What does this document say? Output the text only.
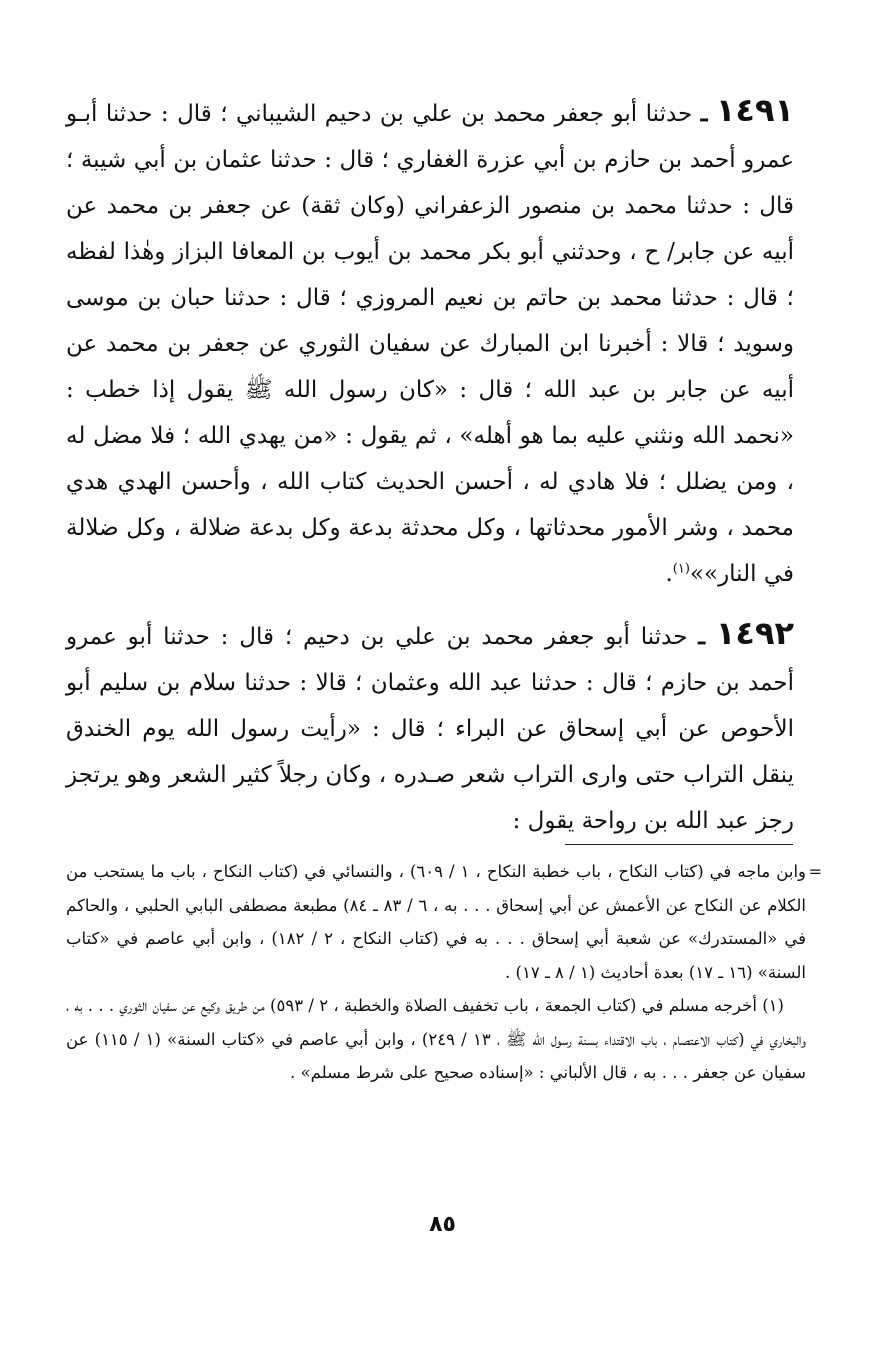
١٤٩١ ـ حدثنا أبو جعفر محمد بن علي بن دحيم الشيباني ؛ قال : حدثنا أبـو عمرو أحمد بن حازم بن أبي عزرة الغفاري ؛ قال : حدثنا عثمان بن أبي شيبة ؛ قال : حدثنا محمد بن منصور الزعفراني (وكان ثقة) عن جعفر بن محمد عن أبيه عن جابر/ ح ، وحدثني أبو بكر محمد بن أيوب بن المعافا البزاز وهٰذا لفظه ؛ قال : حدثنا محمد بن حاتم بن نعيم المروزي ؛ قال : حدثنا حبان بن موسى وسويد ؛ قالا : أخبرنا ابن المبارك عن سفيان الثوري عن جعفر بن محمد عن أبيه عن جابر بن عبد الله ؛ قال : «كان رسول الله ﷺ يقول إذا خطب : «نحمد الله ونثني عليه بما هو أهله» ، ثم يقول : «من يهدي الله ؛ فلا مضل له ، ومن يضلل ؛ فلا هادي له ، أحسن الحديث كتاب الله ، وأحسن الهدي هدي محمد ، وشر الأمور محدثاتها ، وكل محدثة بدعة وكل بدعة ضلالة ، وكل ضلالة في النار»»$^{(١)}$.

١٤٩٢ ـ حدثنا أبو جعفر محمد بن علي بن دحيم ؛ قال : حدثنا أبو عمرو أحمد بن حازم ؛ قال : حدثنا عبد الله وعثمان ؛ قالا : حدثنا سلام بن سليم أبو الأحوص عن أبي إسحاق عن البراء ؛ قال : «رأيت رسول الله يوم الخندق ينقل التراب حتى وارى التراب شعر صـدره ، وكان رجلاً كثير الشعر وهو يرتجز رجز عبد الله بن رواحة يقول :

=
وابن ماجه في (كتاب النكاح ، باب خطبة النكاح ، ١ / ٦٠٩) ، والنسائي في (كتاب النكاح ، باب ما يستحب من الكلام عن النكاح عن الأعمش عن أبي إسحاق . . . به ، ٦ / ٨٣ ـ ٨٤) مطبعة مصطفى البابي الحلبي ، والحاكم في «المستدرك» عن شعبة أبي إسحاق . . . به في (كتاب النكاح ، ٢ / ١٨٢) ، وابن أبي عاصم في «كتاب السنة» (١٦ ـ ١٧) بعدة أحاديث (١ / ٨ ـ ١٧) .
(١) أخرجه مسلم في (كتاب الجمعة ، باب تخفيف الصلاة والخطبة ، ٢ / ٥٩٣) من طريق وكيع عن سفيان الثوري . . . به ، والبخاري في (كتاب الاعتصام ، باب الاقتداء بسنة رسول الله ﷺ ، ١٣ / ٢٤٩) ، وابن أبي عاصم في «كتاب السنة» (١ / ١١٥) عن سفيان عن جعفر . . . به ، قال الألباني : «إسناده صحيح على شرط مسلم» .
٨٥
